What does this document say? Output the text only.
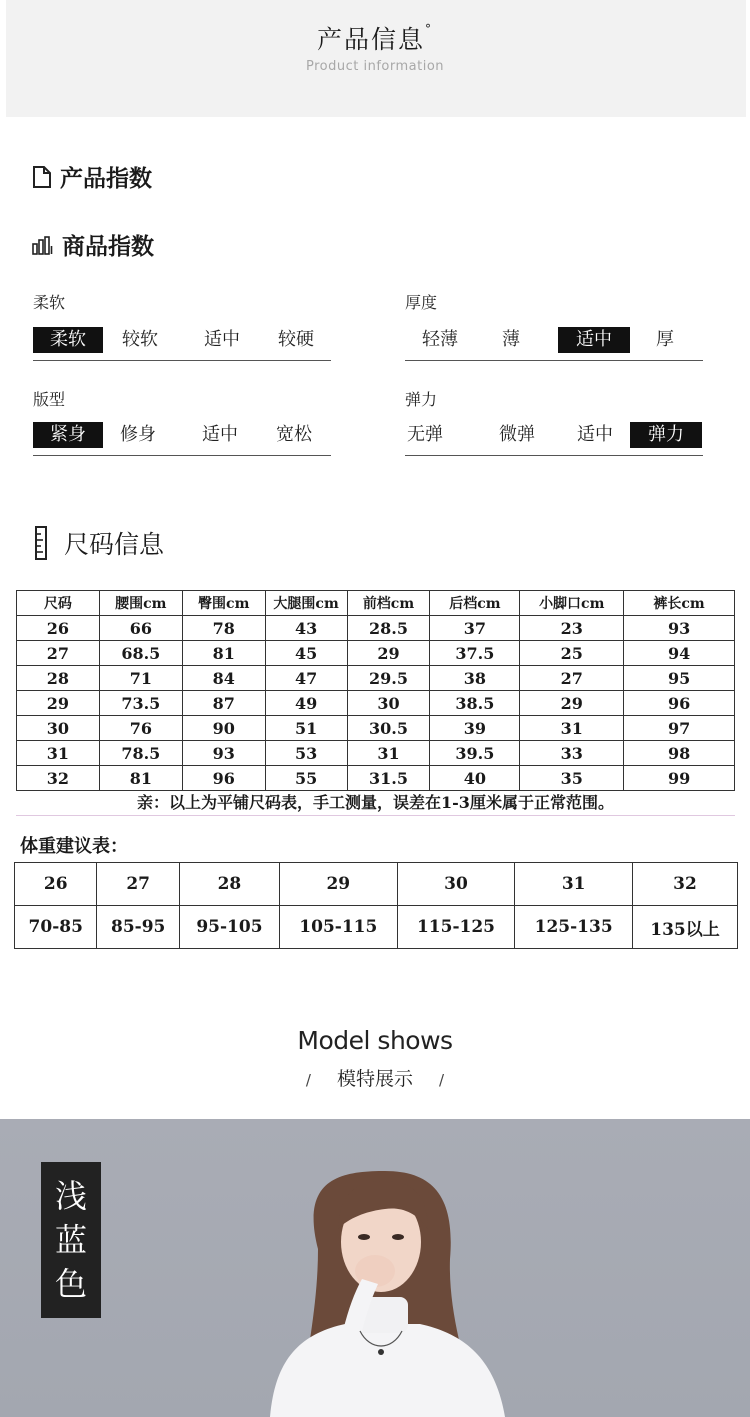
产品信息°
Product information
产品指数
商品指数
柔软
柔软	较软	适中	较硬
厚度
轻薄	薄	适中	厚
版型
紧身	修身	适中	宽松
弹力
无弹	微弹	适中	弹力
尺码信息
尺码	腰围cm	臀围cm	大腿围cm	前档cm	后档cm	小脚口cm	裤长cm
26	66	78	43	28.5	37	23	93
27	68.5	81	45	29	37.5	25	94
28	71	84	47	29.5	38	27	95
29	73.5	87	49	30	38.5	29	96
30	76	90	51	30.5	39	31	97
31	78.5	93	53	31	39.5	33	98
32	81	96	55	31.5	40	35	99
亲：以上为平铺尺码表，手工测量，误差在1-3厘米属于正常范围。
体重建议表：
26	27	28	29	30	31	32
70-85	85-95	95-105	105-115	115-125	125-135	135以上
Model shows
/ 模特展示 /
浅
蓝
色
